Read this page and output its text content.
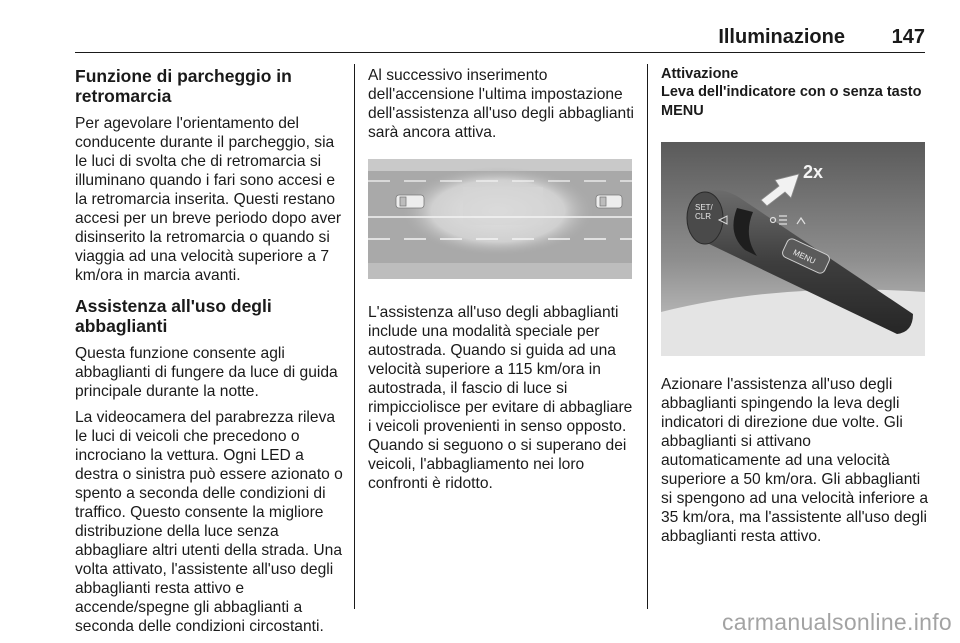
Illuminazione 147
Funzione di parcheggio in retromarcia

Per agevolare l'orientamento del conducente durante il parcheggio, sia le luci di svolta che di retromarcia si illuminano quando i fari sono accesi e la retromarcia inserita. Questi restano accesi per un breve periodo dopo aver disinserito la retromarcia o quando si viaggia ad una velocità superiore a 7 km/ora in marcia avanti.

Assistenza all'uso degli abbaglianti

Questa funzione consente agli abbaglianti di fungere da luce di guida principale durante la notte.

La videocamera del parabrezza rileva le luci di veicoli che precedono o incrociano la vettura. Ogni LED a destra o sinistra può essere azionato o spento a seconda delle condizioni di traffico. Questo consente la migliore distribuzione della luce senza abbagliare altri utenti della strada. Una volta attivato, l'assistente all'uso degli abbaglianti resta attivo e accende/spegne gli abbaglianti a seconda delle condizioni circostanti.

Al successivo inserimento dell'accensione l'ultima impostazione dell'assistenza all'uso degli abbaglianti sarà ancora attiva.

L'assistenza all'uso degli abbaglianti include una modalità speciale per autostrada. Quando si guida ad una velocità superiore a 115 km/ora in autostrada, il fascio di luce si rimpicciolisce per evitare di abbagliare i veicoli provenienti in senso opposto. Quando si seguono o si superano dei veicoli, l'abbagliamento nei loro confronti è ridotto.

Attivazione
Leva dell'indicatore con o senza tasto MENU
SET/
CLR
MENU
2x

Azionare l'assistenza all'uso degli abbaglianti spingendo la leva degli indicatori di direzione due volte. Gli abbaglianti si attivano automaticamente ad una velocità superiore a 50 km/ora. Gli abbaglianti si spengono ad una velocità inferiore a 35 km/ora, ma l'assistente all'uso degli abbaglianti resta attivo.

carmanualsonline.info
